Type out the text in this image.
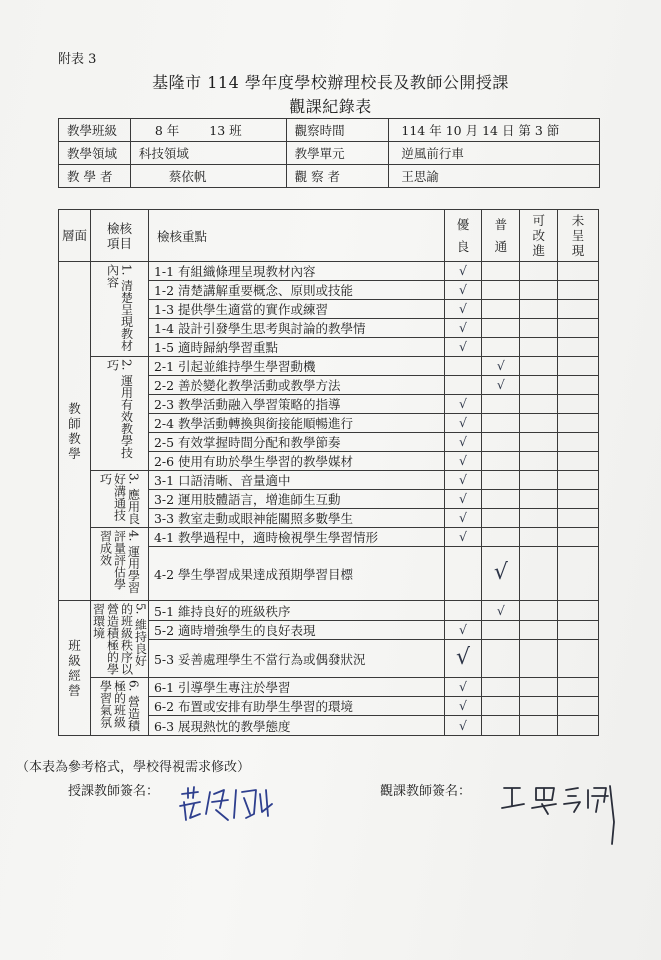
附表 3
基隆市 114 學年度學校辦理校長及教師公開授課
觀課紀錄表
教學班級	8 年 13 班	觀察時間	114 年 10 月 14 日 第 3 節
教學領域	科技領域	教學單元	逆風前行車
教 學 者	蔡依帆	觀 察 者	王思諭
層面	檢核項目	檢核重點	優良	普通	可改進	未呈現

教師教學	1. 清楚呈現教材內容	1-1 有組織條理呈現教材內容	√			
		1-2 清楚講解重要概念、原則或技能	√			
		1-3 提供學生適當的實作或練習	√			
		1-4 設計引發學生思考與討論的教學情	√			
		1-5 適時歸納學習重點	√			

	2. 運用有效教學技巧	2-1 引起並維持學生學習動機		√		
		2-2 善於變化教學活動或教學方法		√		
		2-3 教學活動融入學習策略的指導	√			
		2-4 教學活動轉換與銜接能順暢進行	√			
		2-5 有效掌握時間分配和教學節奏	√			
		2-6 使用有助於學生學習的教學媒材	√			

	3. 應用良好溝通技巧	3-1 口語清晰、音量適中	√			
		3-2 運用肢體語言，增進師生互動	√			
		3-3 教室走動或眼神能關照多數學生	√			

	4. 運用學習評量評估學習成效	4-1 教學過程中，適時檢視學生學習情形	√			
		4-2 學生學習成果達成預期學習目標		√		

班級經營	5. 維持良好的班級秩序以營造積極的學習環境	5-1 維持良好的班級秩序		√		
		5-2 適時增強學生的良好表現	√			
		5-3 妥善處理學生不當行為或偶發狀況	√			

	6. 營造積極的班級學習氣氛	6-1 引導學生專注於學習	√			
		6-2 布置或安排有助學生學習的環境	√			
		6-3 展現熱忱的教學態度	√			
（本表為參考格式，學校得視需求修改）
授課教師簽名：	觀課教師簽名：
